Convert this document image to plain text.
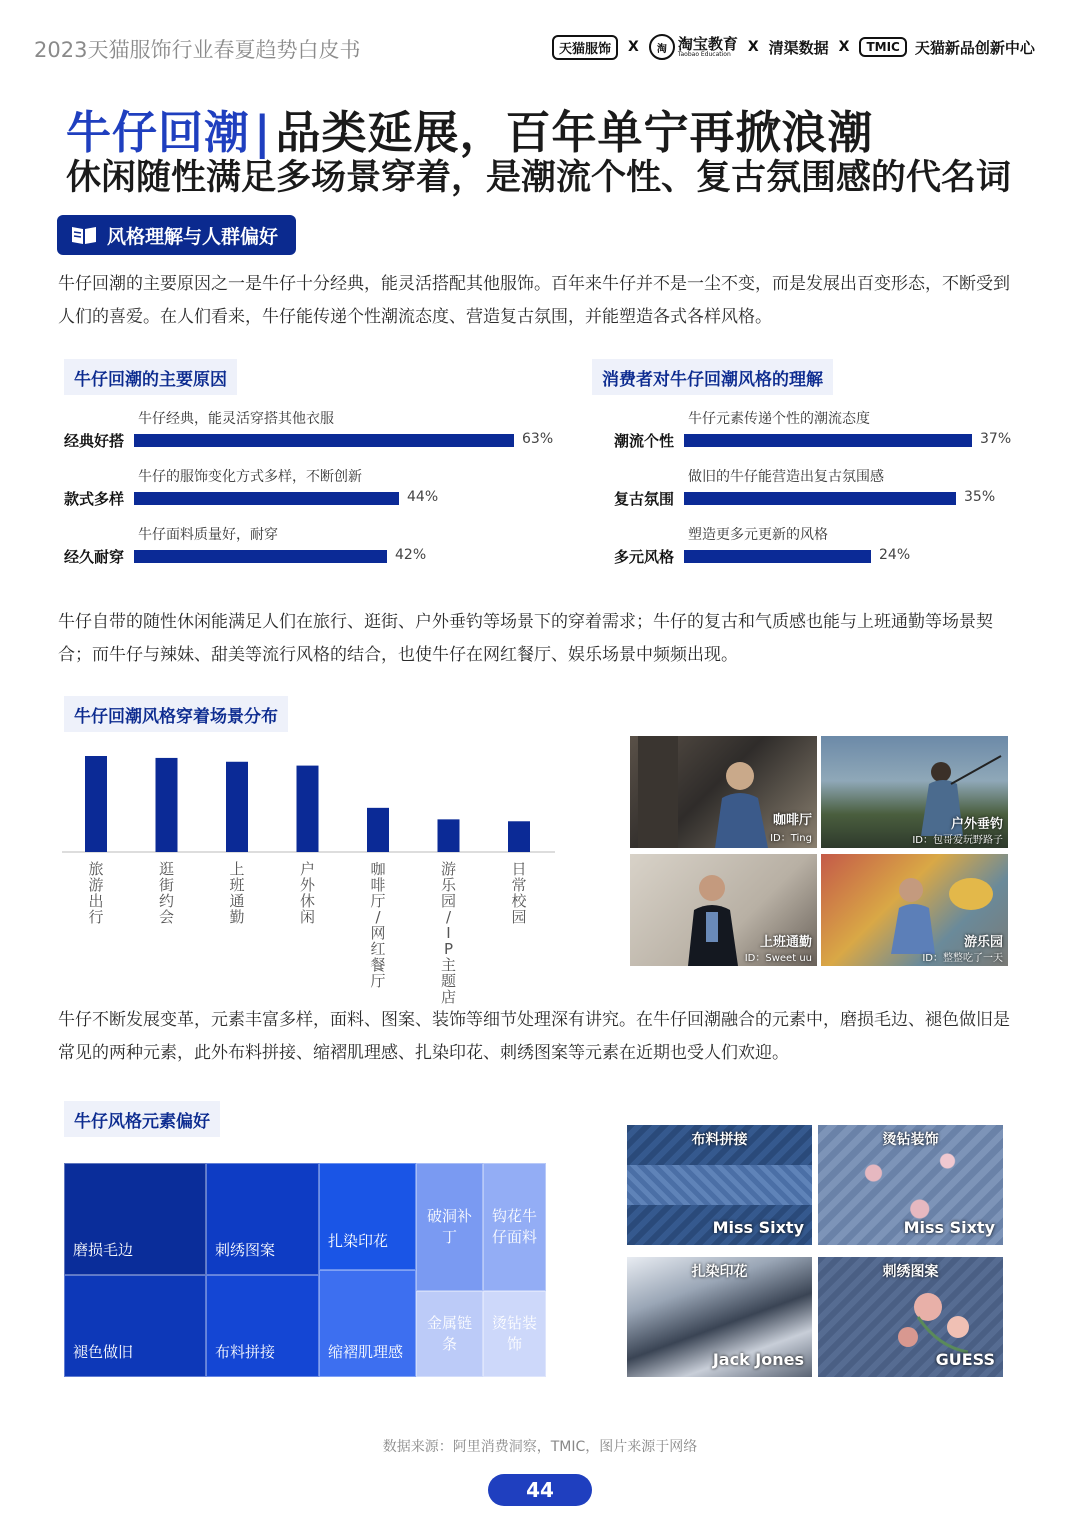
2023天猫服饰行业春夏趋势白皮书	天猫服饰	X	淘 淘宝教育
Taobao Education	X 清渠数据 X	TMIC	天猫新品创新中心
牛仔回潮|品类延展，百年单宁再掀浪潮
休闲随性满足多场景穿着，是潮流个性、复古氛围感的代名词
风格理解与人群偏好
牛仔回潮的主要原因之一是牛仔十分经典，能灵活搭配其他服饰。百年来牛仔并不是一尘不变，而是发展出百变形态，不断受到人们的喜爱。在人们看来，牛仔能传递个性潮流态度、营造复古氛围，并能塑造各式各样风格。
牛仔回潮的主要原因
牛仔经典，能灵活穿搭其他衣服
经典好搭	63%
牛仔的服饰变化方式多样，不断创新
款式多样	44%
牛仔面料质量好，耐穿
经久耐穿	42%
消费者对牛仔回潮风格的理解
牛仔元素传递个性的潮流态度
潮流个性	37%
做旧的牛仔能营造出复古氛围感
复古氛围	35%
塑造更多元更新的风格
多元风格	24%
牛仔自带的随性休闲能满足人们在旅行、逛街、户外垂钓等场景下的穿着需求；牛仔的复古和气质感也能与上班通勤等场景契合；而牛仔与辣妹、甜美等流行风格的结合，也使牛仔在网红餐厅、娱乐场景中频频出现。
牛仔回潮风格穿着场景分布
旅
游
出
行
逛
街
约
会
上
班
通
勤
户
外
休
闲
咖
啡
厅
/
网
红
餐
厅
游
乐
园
/
I
P
主
题
店
日
常
校
园
咖啡厅
ID：Ting
户外垂钓
ID：包哥爱玩野路子
上班通勤
ID：Sweet uu
游乐园
ID：整整吃了一天
牛仔不断发展变革，元素丰富多样，面料、图案、装饰等细节处理深有讲究。在牛仔回潮融合的元素中，磨损毛边、褪色做旧是常见的两种元素，此外布料拼接、缩褶肌理感、扎染印花、刺绣图案等元素在近期也受人们欢迎。
牛仔风格元素偏好
磨损毛边
褪色做旧
刺绣图案
布料拼接
扎染印花
缩褶肌理感
破洞补丁
钩花牛仔面料
金属链条
烫钻装饰
布料拼接
Miss Sixty
烫钻装饰
Miss Sixty
扎染印花
Jack Jones
刺绣图案
GUESS
数据来源：阿里消费洞察，TMIC，图片来源于网络
44
